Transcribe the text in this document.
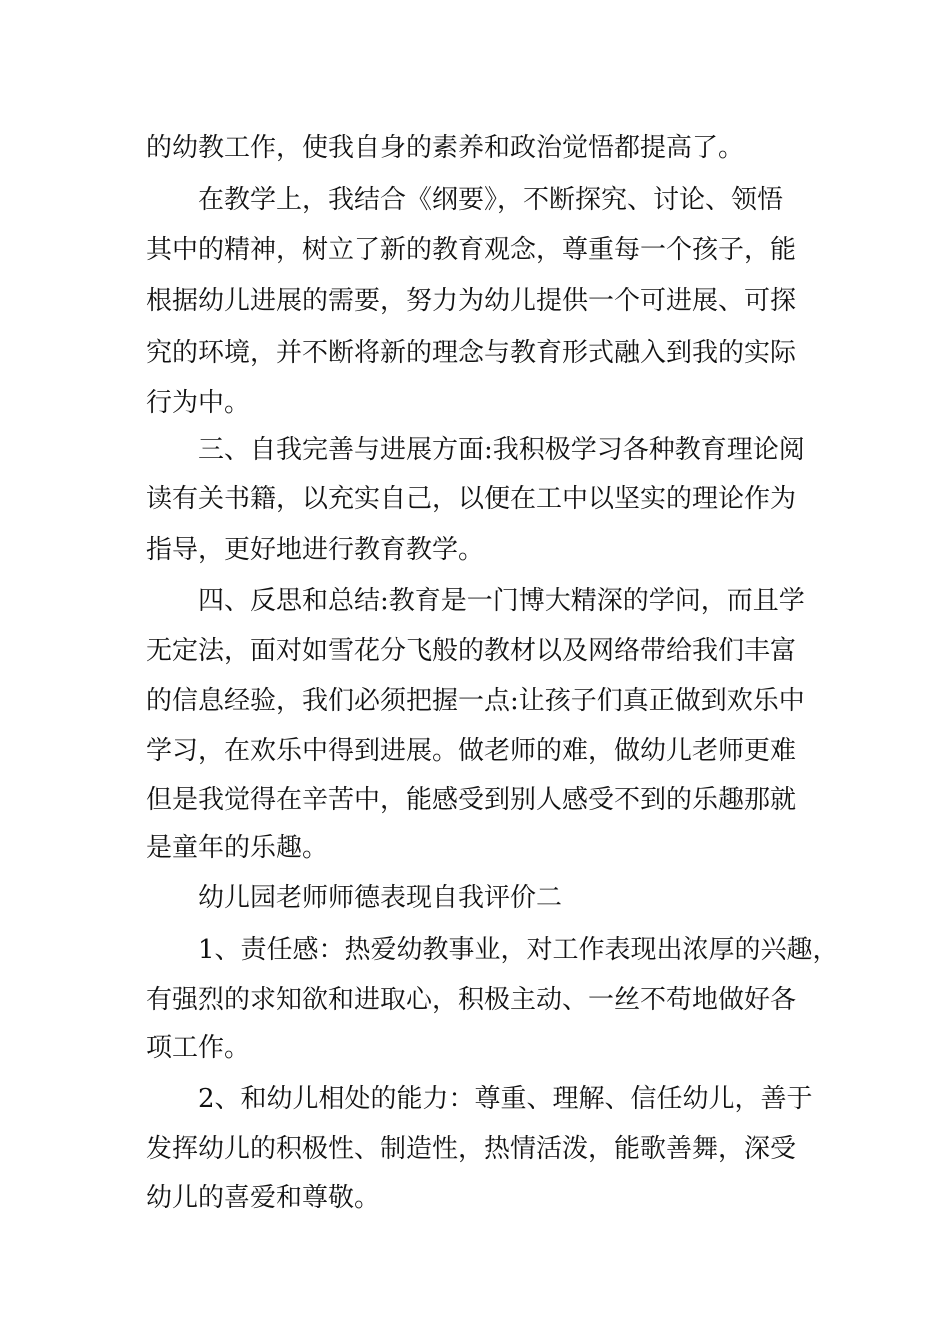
的幼教工作，使我自身的素养和政治觉悟都提高了。
在教学上，我结合《纲要》，不断探究、讨论、领悟
其中的精神，树立了新的教育观念，尊重每一个孩子，能
根据幼儿进展的需要，努力为幼儿提供一个可进展、可探
究的环境，并不断将新的理念与教育形式融入到我的实际
行为中。
三、自我完善与进展方面:我积极学习各种教育理论阅
读有关书籍，以充实自己，以便在工中以坚实的理论作为
指导，更好地进行教育教学。
四、反思和总结:教育是一门博大精深的学问，而且学
无定法，面对如雪花分飞般的教材以及网络带给我们丰富
的信息经验，我们必须把握一点:让孩子们真正做到欢乐中
学习，在欢乐中得到进展。做老师的难，做幼儿老师更难
但是我觉得在辛苦中，能感受到别人感受不到的乐趣那就
是童年的乐趣。
幼儿园老师师德表现自我评价二
1、责任感：热爱幼教事业，对工作表现出浓厚的兴趣，
有强烈的求知欲和进取心，积极主动、一丝不苟地做好各
项工作。
2、和幼儿相处的能力：尊重、理解、信任幼儿，善于
发挥幼儿的积极性、制造性，热情活泼，能歌善舞，深受
幼儿的喜爱和尊敬。
